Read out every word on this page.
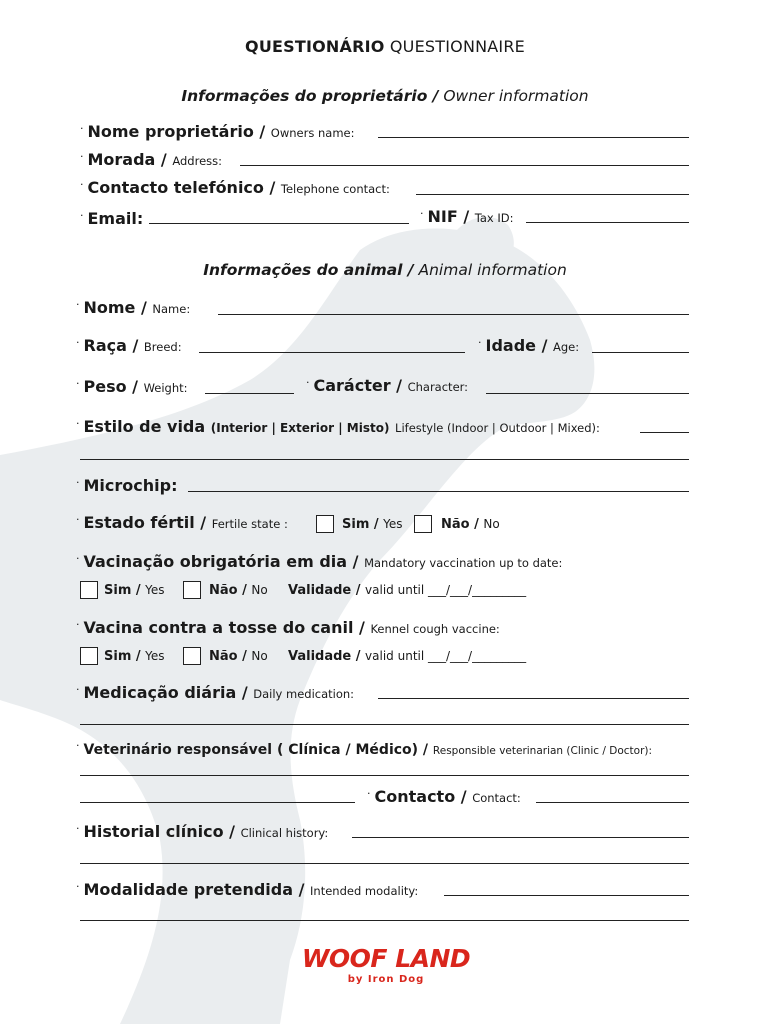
QUESTIONÁRIO QUESTIONNAIRE
Informações do proprietário / Owner information
· Nome proprietário / Owners name:
· Morada / Address:
· Contacto telefónico / Telephone contact:
· Email:	· NIF / Tax ID:
Informações do animal / Animal information
· Nome / Name:
· Raça / Breed:	· Idade / Age:
· Peso / Weight:	· Carácter / Character:
· Estilo de vida (Interior | Exterior | Misto) Lifestyle (Indoor | Outdoor | Mixed):
· Microchip:
· Estado fértil / Fertile state :	Sim / Yes	Não / No
· Vacinação obrigatória em dia / Mandatory vaccination up to date:
Sim / Yes	Não / No Validade / valid until ___/___/_________
· Vacina contra a tosse do canil / Kennel cough vaccine:
Sim / Yes	Não / No Validade / valid until ___/___/_________
· Medicação diária / Daily medication:
· Veterinário responsável ( Clínica / Médico) / Responsible veterinarian (Clinic / Doctor):
· Contacto / Contact:
· Historial clínico / Clinical history:
· Modalidade pretendida / Intended modality:
WOOF LAND
by Iron Dog
